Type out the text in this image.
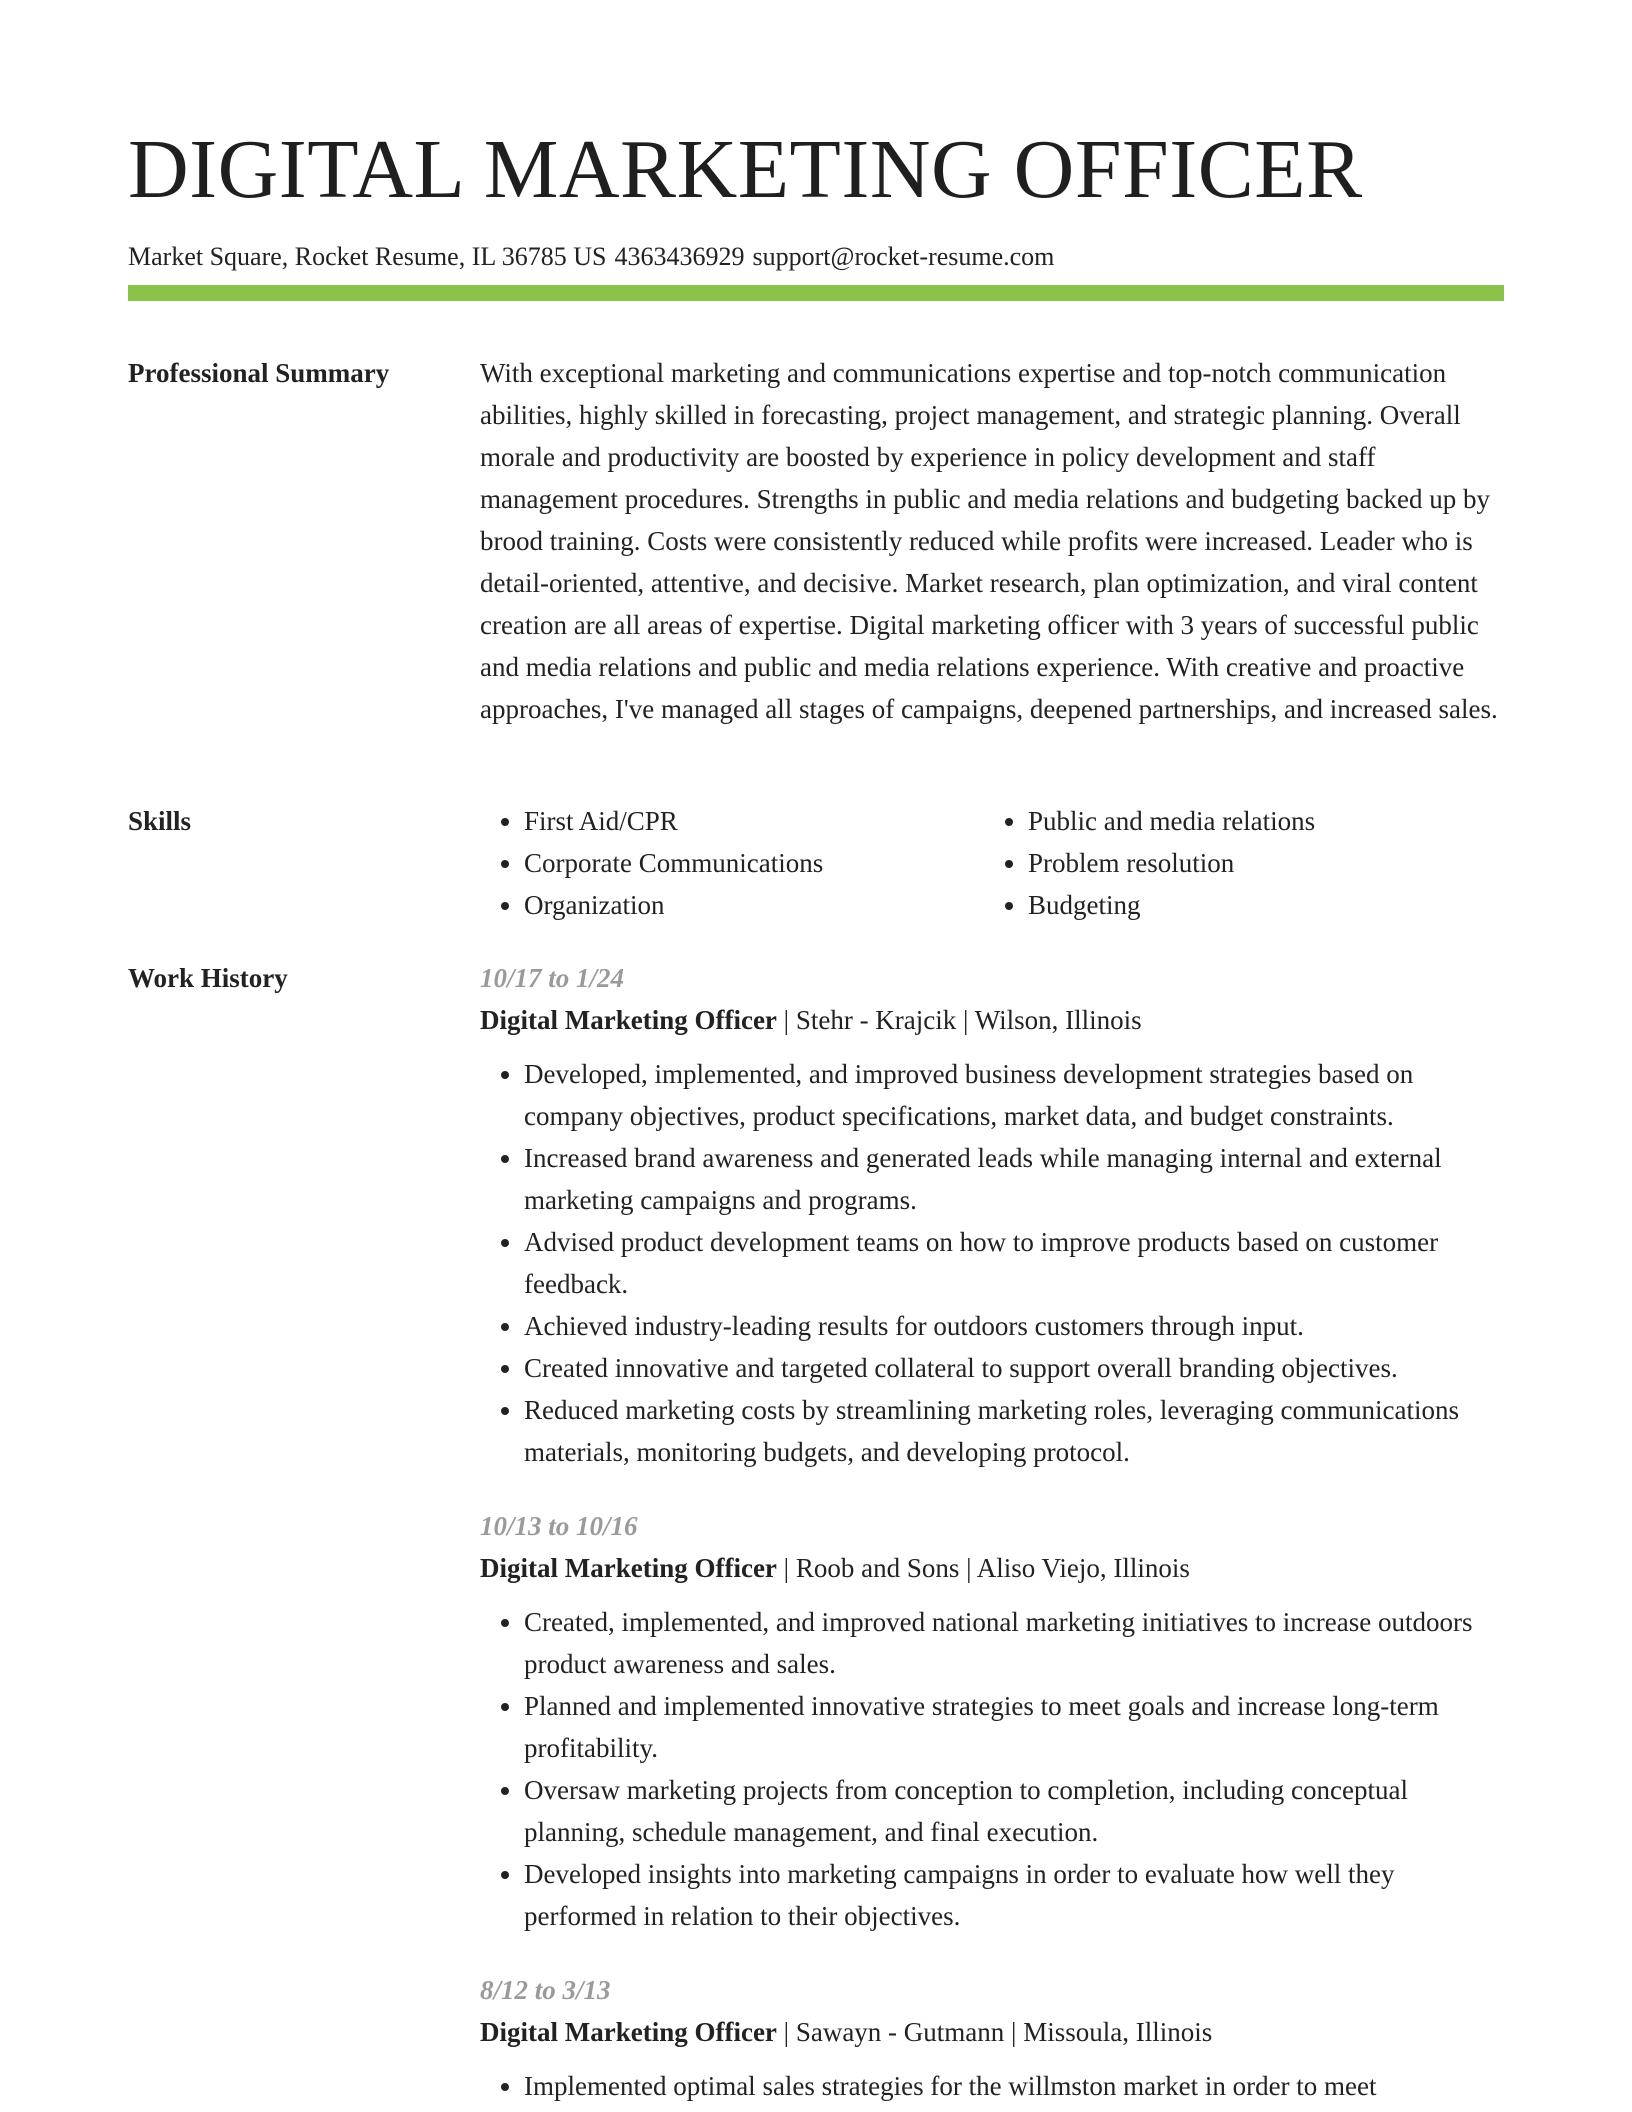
DIGITAL MARKETING OFFICER
Market Square, Rocket Resume, IL 36785 US 4363436929 support@rocket-resume.com
Professional Summary	With exceptional marketing and communications expertise and top-notch communication abilities, highly skilled in forecasting, project management, and strategic planning. Overall morale and productivity are boosted by experience in policy development and staff management procedures. Strengths in public and media relations and budgeting backed up by brood training. Costs were consistently reduced while profits were increased. Leader who is detail-oriented, attentive, and decisive. Market research, plan optimization, and viral content creation are all areas of expertise. Digital marketing officer with 3 years of successful public and media relations and public and media relations experience. With creative and proactive approaches, I've managed all stages of campaigns, deepened partnerships, and increased sales.

Skills
•	First Aid/CPR
• Corporate Communications
• Organization
• Public and media relations
• Problem resolution
• Budgeting
Work History	10/17 to 1/24
Digital Marketing Officer | Stehr - Krajcik | Wilson, Illinois
• Developed, implemented, and improved business development strategies based on company objectives, product specifications, market data, and budget constraints.
• Increased brand awareness and generated leads while managing internal and external marketing campaigns and programs.
• Advised product development teams on how to improve products based on customer feedback.
• Achieved industry-leading results for outdoors customers through input.
• Created innovative and targeted collateral to support overall branding objectives.
• Reduced marketing costs by streamlining marketing roles, leveraging communications materials, monitoring budgets, and developing protocol.
10/13 to 10/16
Digital Marketing Officer | Roob and Sons | Aliso Viejo, Illinois
• Created, implemented, and improved national marketing initiatives to increase outdoors product awareness and sales.
• Planned and implemented innovative strategies to meet goals and increase long-term profitability.
• Oversaw marketing projects from conception to completion, including conceptual planning, schedule management, and final execution.
• Developed insights into marketing campaigns in order to evaluate how well they performed in relation to their objectives.
8/12 to 3/13
Digital Marketing Officer | Sawayn - Gutmann | Missoula, Illinois
• Implemented optimal sales strategies for the willmston market in order to meet
